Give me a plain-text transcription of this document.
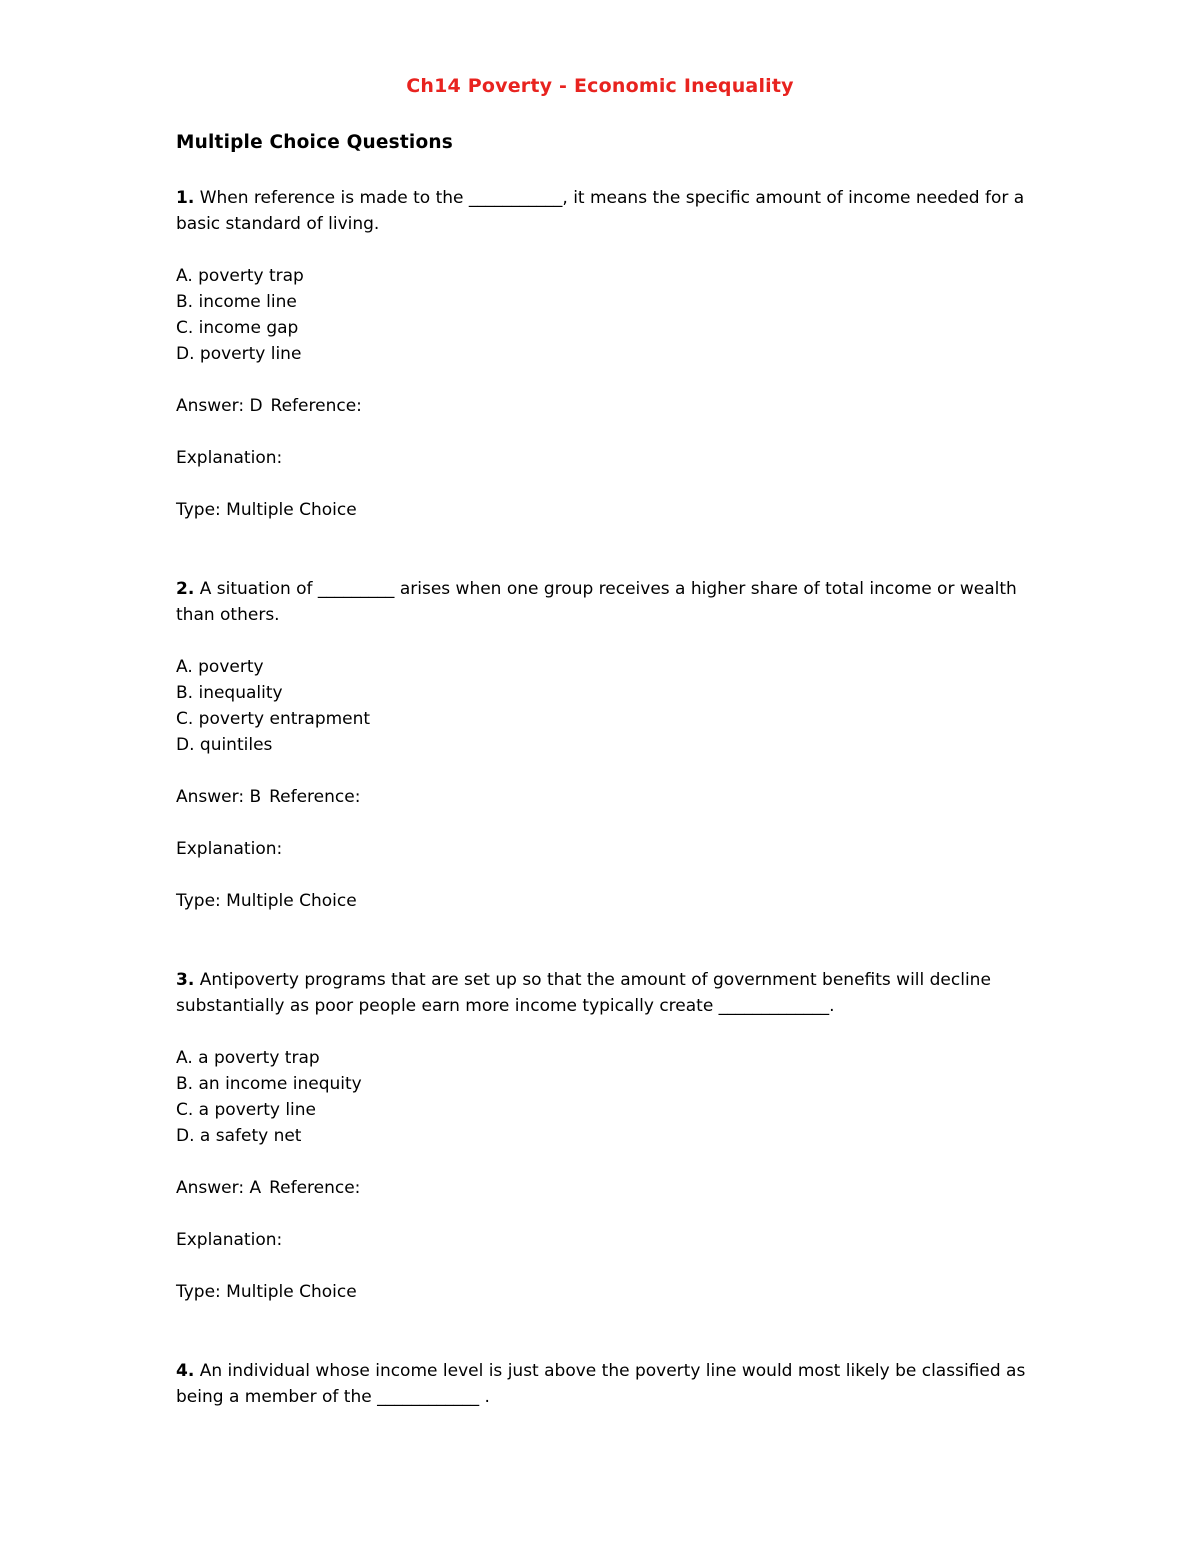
Ch14 Poverty - Economic Inequality
Multiple Choice Questions

1. When reference is made to the ___________, it means the specific amount of income needed for a basic standard of living.

A. poverty trap
B. income line
C. income gap
D. poverty line
Answer: D Reference:
Explanation:
Type: Multiple Choice

2. A situation of _________ arises when one group receives a higher share of total income or wealth than others.

A. poverty
B. inequality
C. poverty entrapment
D. quintiles
Answer: B Reference:
Explanation:
Type: Multiple Choice

3. Antipoverty programs that are set up so that the amount of government benefits will decline substantially as poor people earn more income typically create _____________.

A. a poverty trap
B. an income inequity
C. a poverty line
D. a safety net
Answer: A Reference:
Explanation:
Type: Multiple Choice

4. An individual whose income level is just above the poverty line would most likely be classified as being a member of the ____________ .
